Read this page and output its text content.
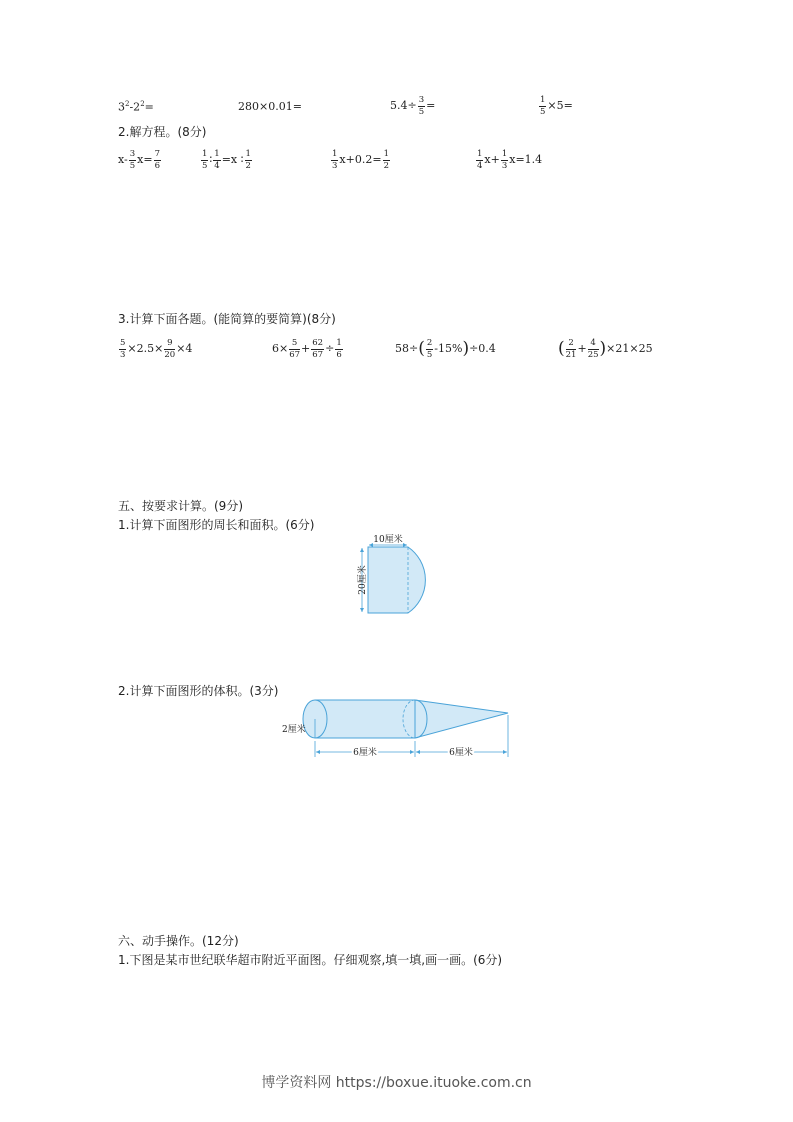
$3^2-2^2=$	280×0.01=	$5.4\div \frac{3}{5}$ =	$\frac{1}{5} \times 5=$
2.解方程。(8分)
$x- \frac{3}{5} x= \frac{7}{6}$	$\frac{1}{5}$ ∶ $\frac{1}{4} =x$ ∶ $\frac{1}{2}$	$\frac{1}{3} x+0.2= \frac{1}{2}$	$\frac{1}{4} x+ \frac{1}{3} x=1.4$
3.计算下面各题。(能简算的要简算)(8分)
$\frac{5}{3} \times 2.5\times \frac{9}{20} \times 4$	$6\times \frac{5}{67} + \frac{62}{67} \div \frac{1}{6}$	$58\div( \frac{2}{5} -15\%)\div 0.4$	( $\frac{2}{21} + \frac{4}{25} )\times 21\times 25$
五、按要求计算。(9分)
1.计算下面图形的周长和面积。(6分)
10厘米
20厘米
2.计算下面图形的体积。(3分)
2厘米
6厘米	6厘米
六、动手操作。(12分)
1.下图是某市世纪联华超市附近平面图。仔细观察,填一填,画一画。(6分)
博学资料网 https://boxue.ituoke.com.cn
